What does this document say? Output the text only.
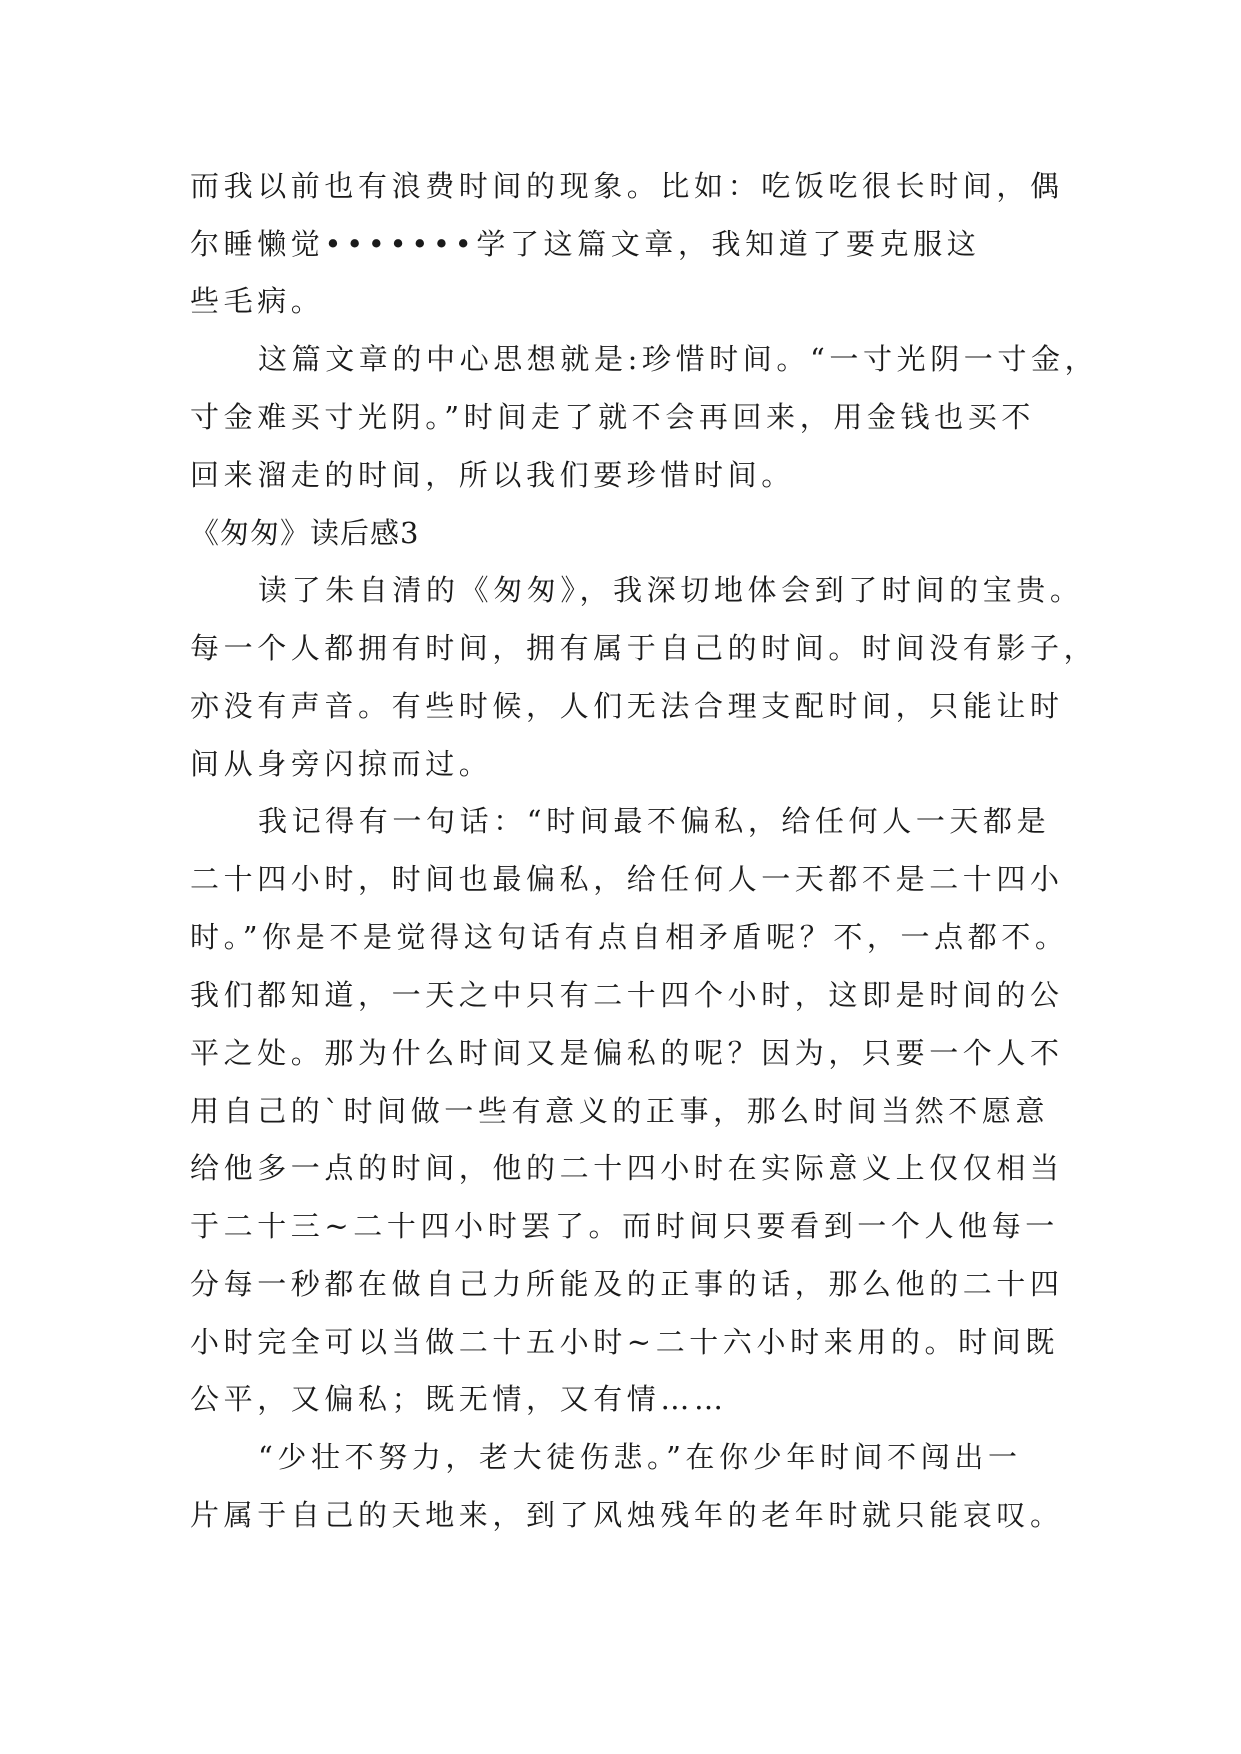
而我以前也有浪费时间的现象。比如：吃饭吃很长时间，偶
尔睡懒觉•••••••学了这篇文章，我知道了要克服这
些毛病。
这篇文章的中心思想就是:珍惜时间。“一寸光阴一寸金，
寸金难买寸光阴。”时间走了就不会再回来，用金钱也买不
回来溜走的时间，所以我们要珍惜时间。
《匆匆》读后感3
读了朱自清的《匆匆》，我深切地体会到了时间的宝贵。
每一个人都拥有时间，拥有属于自己的时间。时间没有影子，
亦没有声音。有些时候，人们无法合理支配时间，只能让时
间从身旁闪掠而过。
我记得有一句话：“时间最不偏私，给任何人一天都是
二十四小时，时间也最偏私，给任何人一天都不是二十四小
时。”你是不是觉得这句话有点自相矛盾呢？不，一点都不。
我们都知道，一天之中只有二十四个小时，这即是时间的公
平之处。那为什么时间又是偏私的呢？因为，只要一个人不
用自己的`时间做一些有意义的正事，那么时间当然不愿意
给他多一点的时间，他的二十四小时在实际意义上仅仅相当
于二十三~二十四小时罢了。而时间只要看到一个人他每一
分每一秒都在做自己力所能及的正事的话，那么他的二十四
小时完全可以当做二十五小时~二十六小时来用的。时间既
公平，又偏私；既无情，又有情……
“少壮不努力，老大徒伤悲。”在你少年时间不闯出一
片属于自己的天地来，到了风烛残年的老年时就只能哀叹。
